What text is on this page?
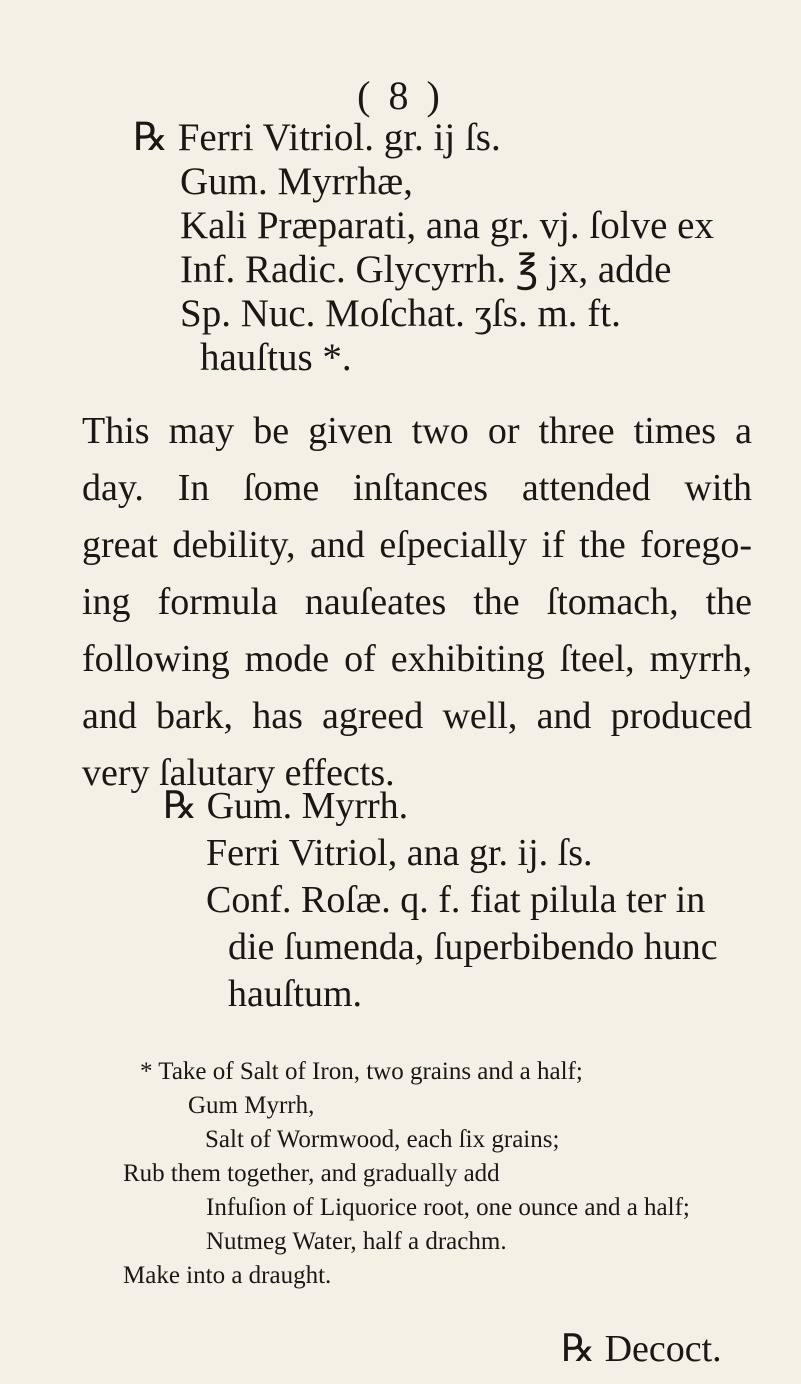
( 8 )
℞ Ferri Vitriol. gr. ij ſs.
Gum. Myrrhæ,
Kali Præparati, ana gr. vj. ſolve ex
Inf. Radic. Glycyrrh. ℥ jx, adde
Sp. Nuc. Moſchat. ʒſs. m. ft.
hauſtus *.
This may be given two or three times a
day. In ſome inſtances attended with
great debility, and eſpecially if the forego-
ing formula nauſeates the ſtomach, the
following mode of exhibiting ſteel, myrrh,
and bark, has agreed well, and produced
very ſalutary effects.
℞ Gum. Myrrh.
Ferri Vitriol, ana gr. ij. ſs.
Conf. Roſæ. q. f. fiat pilula ter in
die ſumenda, ſuperbibendo hunc
hauſtum.
* Take of Salt of Iron, two grains and a half;
Gum Myrrh,
Salt of Wormwood, each ſix grains;
Rub them together, and gradually add
Infuſion of Liquorice root, one ounce and a half;
Nutmeg Water, half a drachm.
Make into a draught.
℞ Decoct.
